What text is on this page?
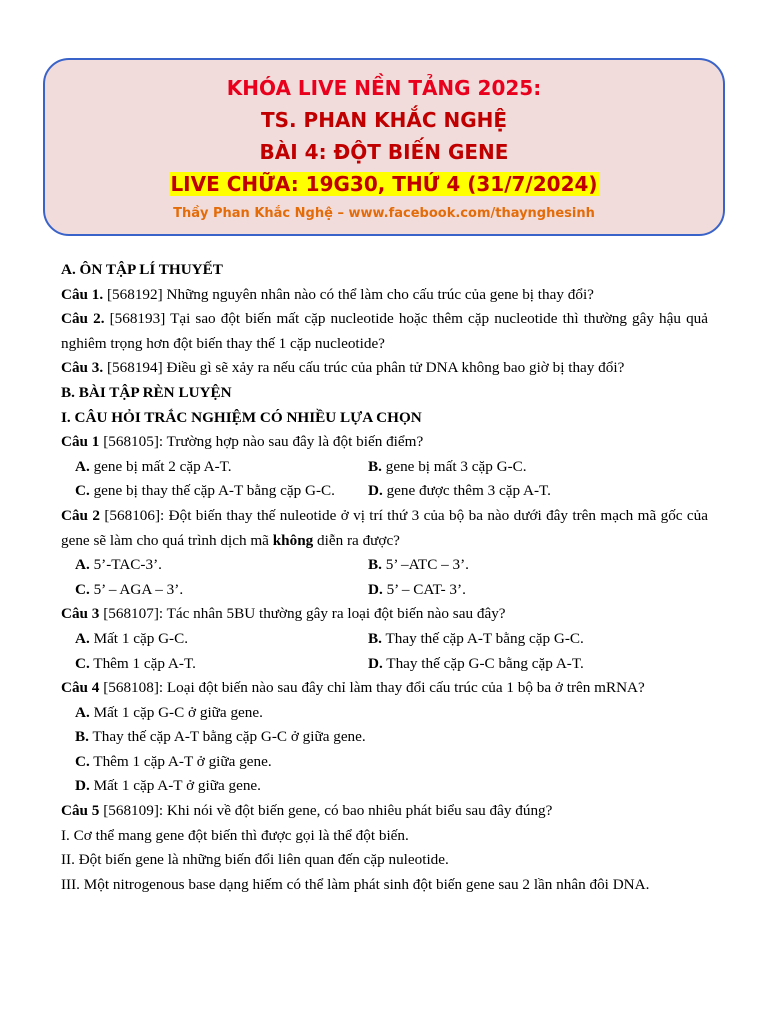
KHÓA LIVE NỀN TẢNG 2025:
TS. PHAN KHẮC NGHỆ
BÀI 4: ĐỘT BIẾN GENE
LIVE CHỮA: 19G30, THỨ 4 (31/7/2024)
Thầy Phan Khắc Nghệ – www.facebook.com/thaynghesinh

A. ÔN TẬP LÍ THUYẾT

Câu 1. [568192] Những nguyên nhân nào có thể làm cho cấu trúc của gene bị thay đổi?

Câu 2. [568193] Tại sao đột biến mất cặp nucleotide hoặc thêm cặp nucleotide thì thường gây hậu quả nghiêm trọng hơn đột biến thay thế 1 cặp nucleotide?

Câu 3. [568194] Điều gì sẽ xảy ra nếu cấu trúc của phân tử DNA không bao giờ bị thay đổi?

B. BÀI TẬP RÈN LUYỆN

I. CÂU HỎI TRẮC NGHIỆM CÓ NHIỀU LỰA CHỌN

Câu 1 [568105]: Trường hợp nào sau đây là đột biến điểm?

A. gene bị mất 2 cặp A-T.	B. gene bị mất 3 cặp G-C.
C. gene bị thay thế cặp A-T bằng cặp G-C.	D. gene được thêm 3 cặp A-T.

Câu 2 [568106]: Đột biến thay thế nuleotide ở vị trí thứ 3 của bộ ba nào dưới đây trên mạch mã gốc của gene sẽ làm cho quá trình dịch mã không diễn ra được?

A. 5’-TAC-3’.	B. 5’ –ATC – 3’.
C. 5’ – AGA – 3’.	D. 5’ – CAT- 3’.

Câu 3 [568107]: Tác nhân 5BU thường gây ra loại đột biến nào sau đây?

A. Mất 1 cặp G-C.	B. Thay thế cặp A-T bằng cặp G-C.
C. Thêm 1 cặp A-T.	D. Thay thế cặp G-C bằng cặp A-T.

Câu 4 [568108]: Loại đột biến nào sau đây chỉ làm thay đổi cấu trúc của 1 bộ ba ở trên mRNA?

A. Mất 1 cặp G-C ở giữa gene.
B. Thay thế cặp A-T bằng cặp G-C ở giữa gene.
C. Thêm 1 cặp A-T ở giữa gene.
D. Mất 1 cặp A-T ở giữa gene.

Câu 5 [568109]: Khi nói về đột biến gene, có bao nhiêu phát biểu sau đây đúng?

I. Cơ thể mang gene đột biến thì được gọi là thể đột biến.

II. Đột biến gene là những biến đổi liên quan đến cặp nuleotide.

III. Một nitrogenous base dạng hiếm có thể làm phát sinh đột biến gene sau 2 lần nhân đôi DNA.
